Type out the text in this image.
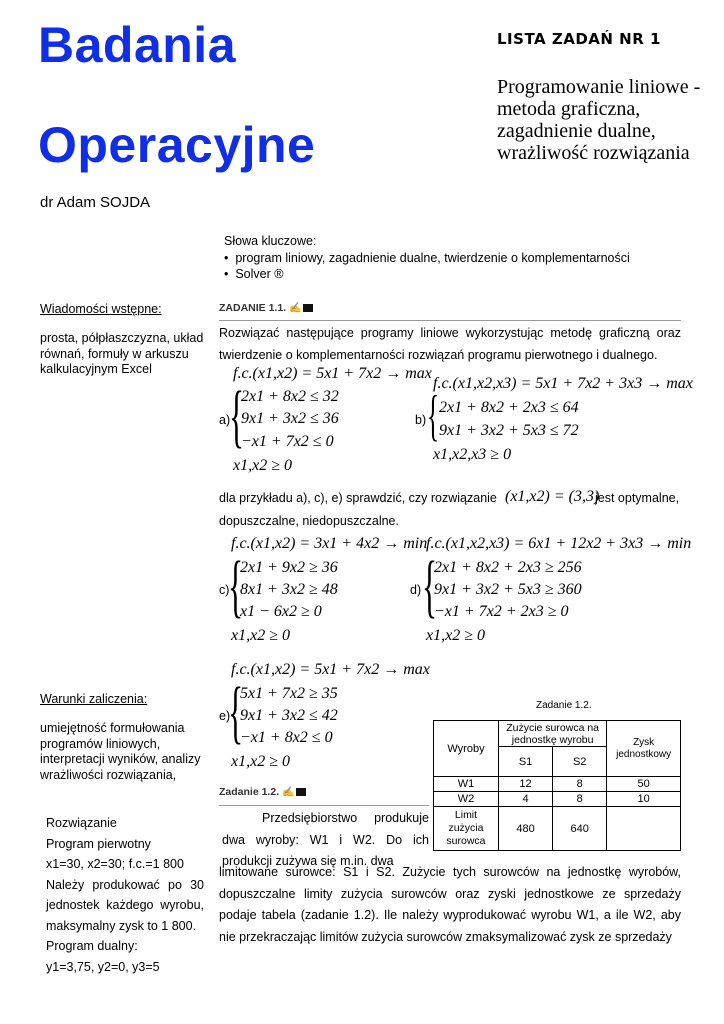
Badania
Operacyjne
dr Adam SOJDA
LISTA ZADAŃ NR 1
Programowanie liniowe - metoda graficzna, zagadnienie dualne, wrażliwość rozwiązania
Słowa kluczowe:
•  program liniowy, zagadnienie dualne, twierdzenie o komplementarności
•  Solver ®
Wiadomości wstępne:
prosta, półpłaszczyzna, układ równań, formuły w arkuszu kalkulacyjnym Excel
Warunki zaliczenia:
umiejętność formułowania programów liniowych, interpretacji wyników, analizy wrażliwości rozwiązania,
Rozwiązanie
Program pierwotny
x1=30, x2=30; f.c.=1 800
Należy produkować po 30 jednostek każdego wyrobu, maksymalny zysk to 1 800.
Program dualny:
y1=3,75, y2=0, y3=5
ZADANIE 1.1. ✍
Rozwiązać następujące programy liniowe wykorzystując metodę graficzną oraz twierdzenie o komplementarności rozwiązań programu pierwotnego i dualnego.
f.c.(x1,x2) = 5x1 + 7x2 → max
a)
{
2x1 + 8x2 ≤ 32
9x1 + 3x2 ≤ 36
−x1 + 7x2 ≤ 0
x1,x2 ≥ 0
f.c.(x1,x2,x3) = 5x1 + 7x2 + 3x3 → max
b) { 2x1 + 8x2 + 2x3 ≤ 64
9x1 + 3x2 + 5x3 ≤ 72
x1,x2,x3 ≥ 0
dla przykładu a), c), e) sprawdzić, czy rozwiązanie (x1,x2) = (3,3)
jest optymalne,
dopuszczalne, niedopuszczalne.
f.c.(x1,x2) = 3x1 + 4x2 → min
c)
{
2x1 + 9x2 ≥ 36
8x1 + 3x2 ≥ 48
x1 − 6x2 ≥ 0
x1,x2 ≥ 0
f.c.(x1,x2,x3) = 6x1 + 12x2 + 3x3 → min
d) {
2x1 + 8x2 + 2x3 ≥ 256
9x1 + 3x2 + 5x3 ≥ 360
−x1 + 7x2 + 2x3 ≥ 0
x1,x2 ≥ 0
f.c.(x1,x2) = 5x1 + 7x2 → max
e)
{
5x1 + 7x2 ≥ 35
9x1 + 3x2 ≤ 42
−x1 + 8x2 ≤ 0
x1,x2 ≥ 0
Zadanie 1.2. ✍
Zadanie 1.2.
Wyroby	Zużycie surowca na jednostkę wyrobu		Zysk jednostkowy
	S1	S2	
W1	12	8	50
W2	4	8	10
Limit zużycia surowca	480	640	
Przedsiębiorstwo produkuje dwa wyroby: W1 i W2. Do ich produkcji zużywa się m.in. dwa
limitowane surowce: S1 i S2. Zużycie tych surowców na jednostkę wyrobów, dopuszczalne limity zużycia surowców oraz zyski jednostkowe ze sprzedaży podaje tabela (zadanie 1.2). Ile należy wyprodukować wyrobu W1, a ile W2, aby nie przekraczając limitów zużycia surowców zmaksymalizować zysk ze sprzedaży
